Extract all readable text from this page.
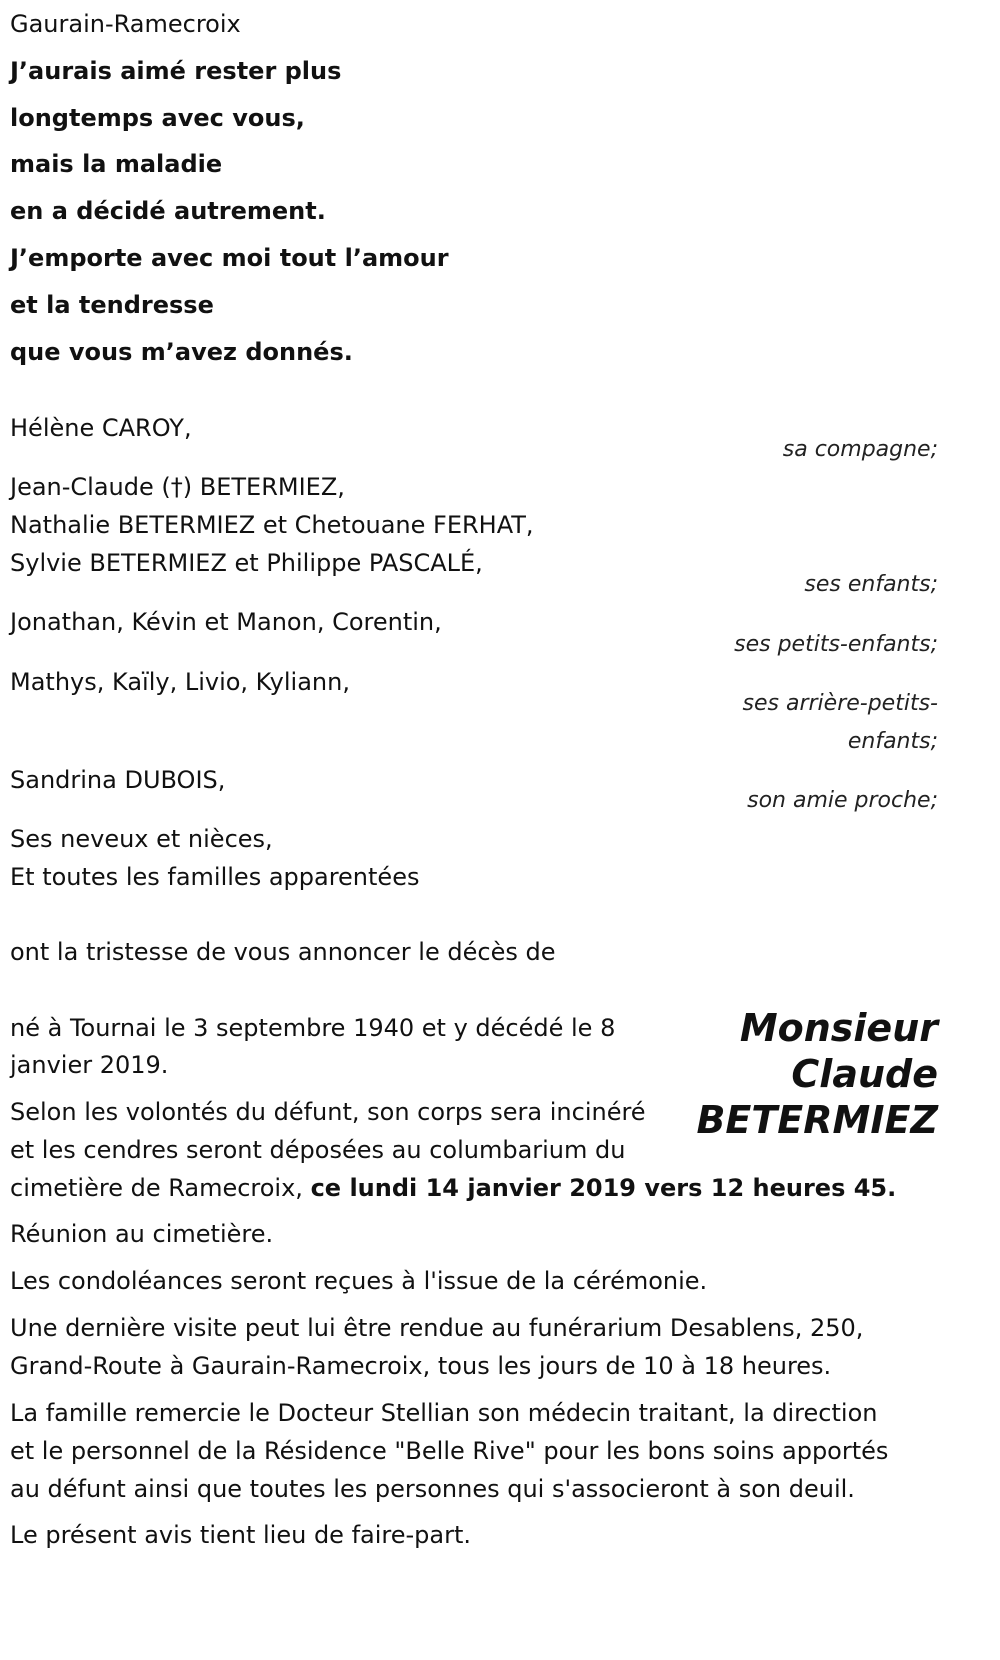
Gaurain-Ramecroix
J’aurais aimé rester plus
longtemps avec vous,
mais la maladie
en a décidé autrement.
J’emporte avec moi tout l’amour
et la tendresse
que vous m’avez donnés.
Hélène CAROY,
sa compagne;
Jean-Claude (†) BETERMIEZ,
Nathalie BETERMIEZ et Chetouane FERHAT,
Sylvie BETERMIEZ et Philippe PASCALÉ,
ses enfants;
Jonathan, Kévin et Manon, Corentin,
ses petits-enfants;
Mathys, Kaïly, Livio, Kyliann,
ses arrière-petits-
enfants;
Sandrina DUBOIS,
son amie proche;
Ses neveux et nièces,
Et toutes les familles apparentées
ont la tristesse de vous annoncer le décès de
Monsieur
Claude
BETERMIEZ
né à Tournai le 3 septembre 1940 et y décédé le 8
janvier 2019.
Selon les volontés du défunt, son corps sera incinéré
et les cendres seront déposées au columbarium du
cimetière de Ramecroix, ce lundi 14 janvier 2019 vers 12 heures 45.
Réunion au cimetière.
Les condoléances seront reçues à l'issue de la cérémonie.
Une dernière visite peut lui être rendue au funérarium Desablens, 250,
Grand-Route à Gaurain-Ramecroix, tous les jours de 10 à 18 heures.
La famille remercie le Docteur Stellian son médecin traitant, la direction
et le personnel de la Résidence "Belle Rive" pour les bons soins apportés
au défunt ainsi que toutes les personnes qui s'associeront à son deuil.
Le présent avis tient lieu de faire-part.
